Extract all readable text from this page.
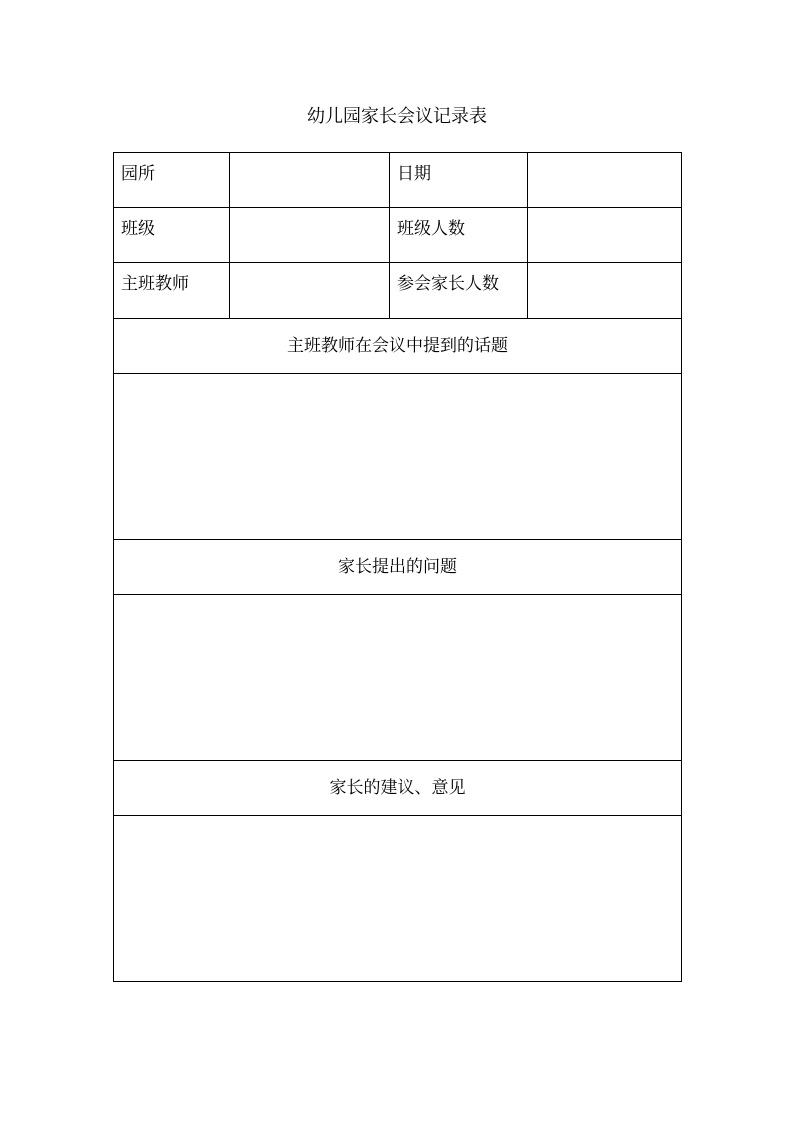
幼儿园家长会议记录表
园所		日期	
班级		班级人数	
主班教师		参会家长人数	
主班教师在会议中提到的话题			

家长提出的问题			

家长的建议、意见			
